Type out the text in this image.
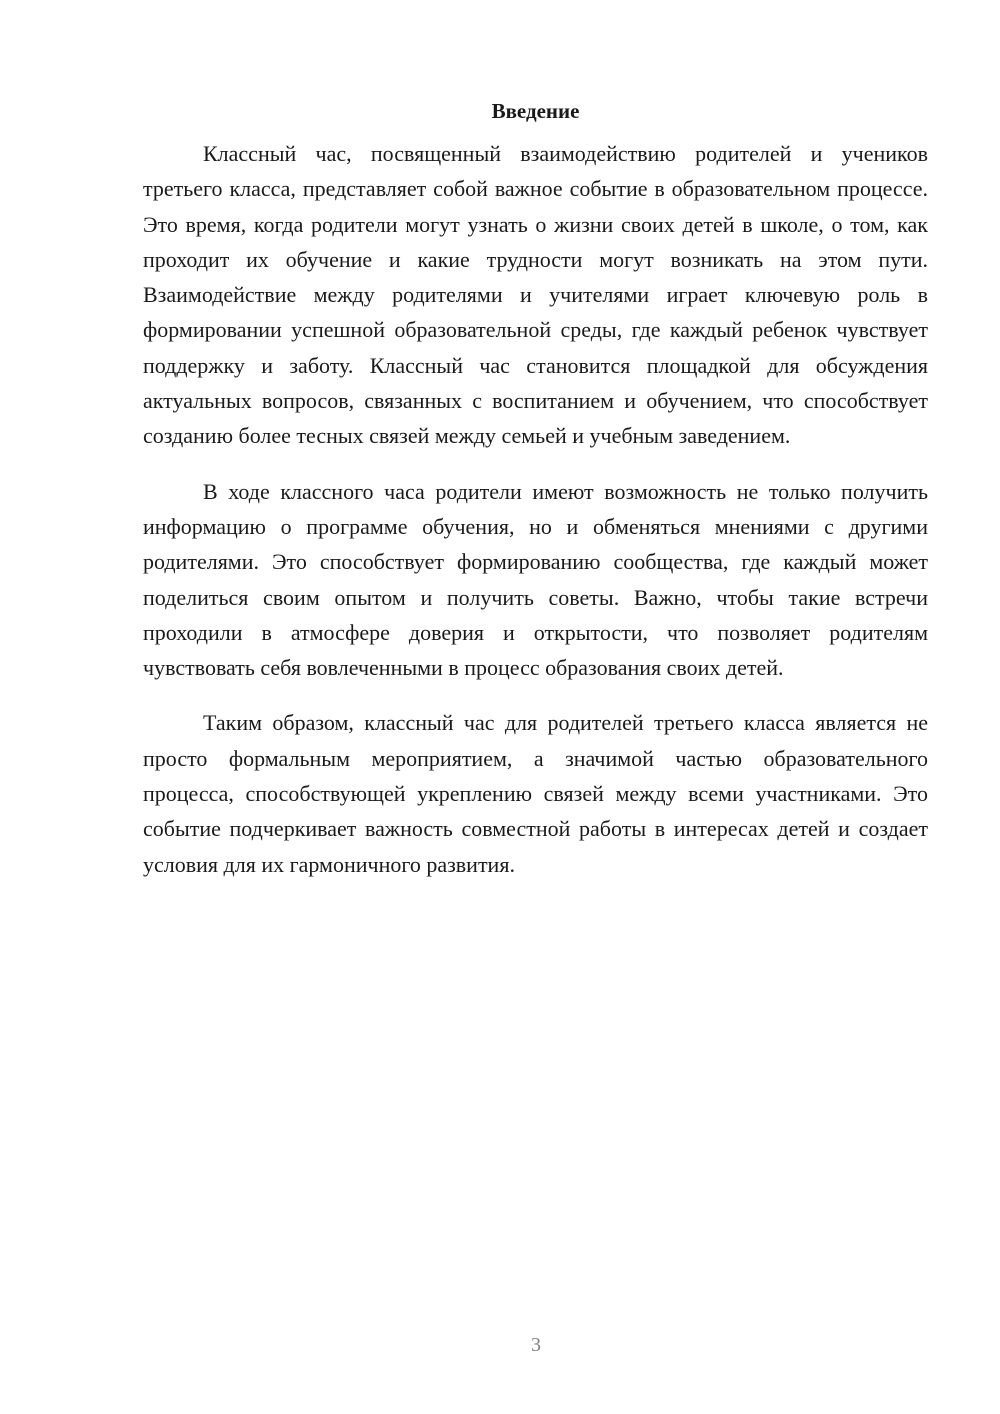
Введение

Классный час, посвященный взаимодействию родителей и учеников третьего класса, представляет собой важное событие в образовательном процессе. Это время, когда родители могут узнать о жизни своих детей в школе, о том, как проходит их обучение и какие трудности могут возникать на этом пути. Взаимодействие между родителями и учителями играет ключевую роль в формировании успешной образовательной среды, где каждый ребенок чувствует поддержку и заботу. Классный час становится площадкой для обсуждения актуальных вопросов, связанных с воспитанием и обучением, что способствует созданию более тесных связей между семьей и учебным заведением.

В ходе классного часа родители имеют возможность не только получить информацию о программе обучения, но и обменяться мнениями с другими родителями. Это способствует формированию сообщества, где каждый может поделиться своим опытом и получить советы. Важно, чтобы такие встречи проходили в атмосфере доверия и открытости, что позволяет родителям чувствовать себя вовлеченными в процесс образования своих детей.

Таким образом, классный час для родителей третьего класса является не просто формальным мероприятием, а значимой частью образовательного процесса, способствующей укреплению связей между всеми участниками. Это событие подчеркивает важность совместной работы в интересах детей и создает условия для их гармоничного развития.

3
